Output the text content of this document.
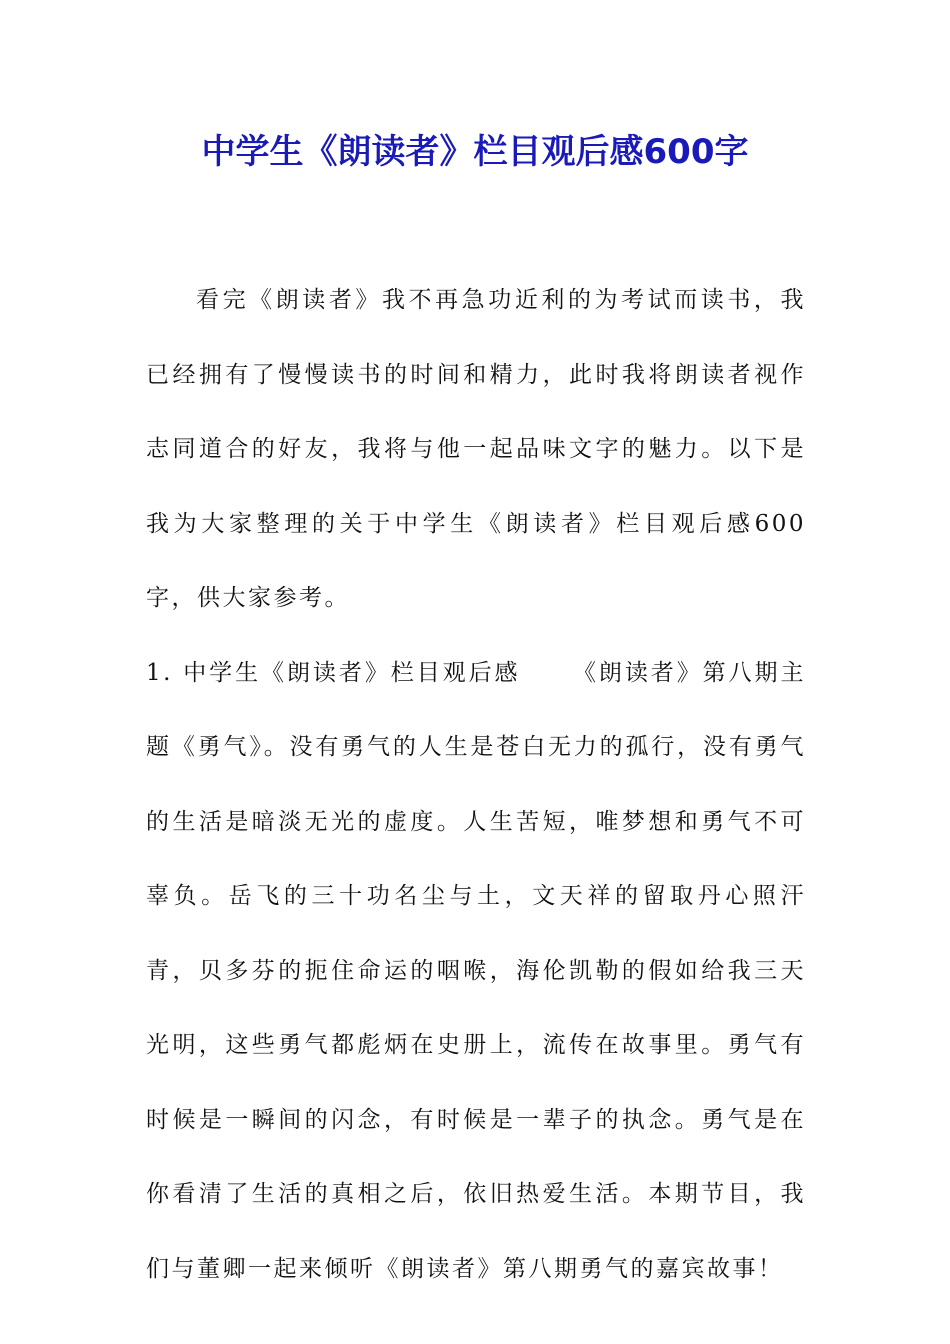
中学生《朗读者》栏目观后感600字

看完《朗读者》我不再急功近利的为考试而读书，我已经拥有了慢慢读书的时间和精力，此时我将朗读者视作志同道合的好友，我将与他一起品味文字的魅力。以下是我为大家整理的关于中学生《朗读者》栏目观后感600字，供大家参考。

1. 中学生《朗读者》栏目观后感 《朗读者》第八期主题《勇气》。没有勇气的人生是苍白无力的孤行，没有勇气的生活是暗淡无光的虚度。人生苦短，唯梦想和勇气不可辜负。岳飞的三十功名尘与土，文天祥的留取丹心照汗青，贝多芬的扼住命运的咽喉，海伦凯勒的假如给我三天光明，这些勇气都彪炳在史册上，流传在故事里。勇气有时候是一瞬间的闪念，有时候是一辈子的执念。勇气是在你看清了生活的真相之后，依旧热爱生活。本期节目，我们与董卿一起来倾听《朗读者》第八期勇气的嘉宾故事！
